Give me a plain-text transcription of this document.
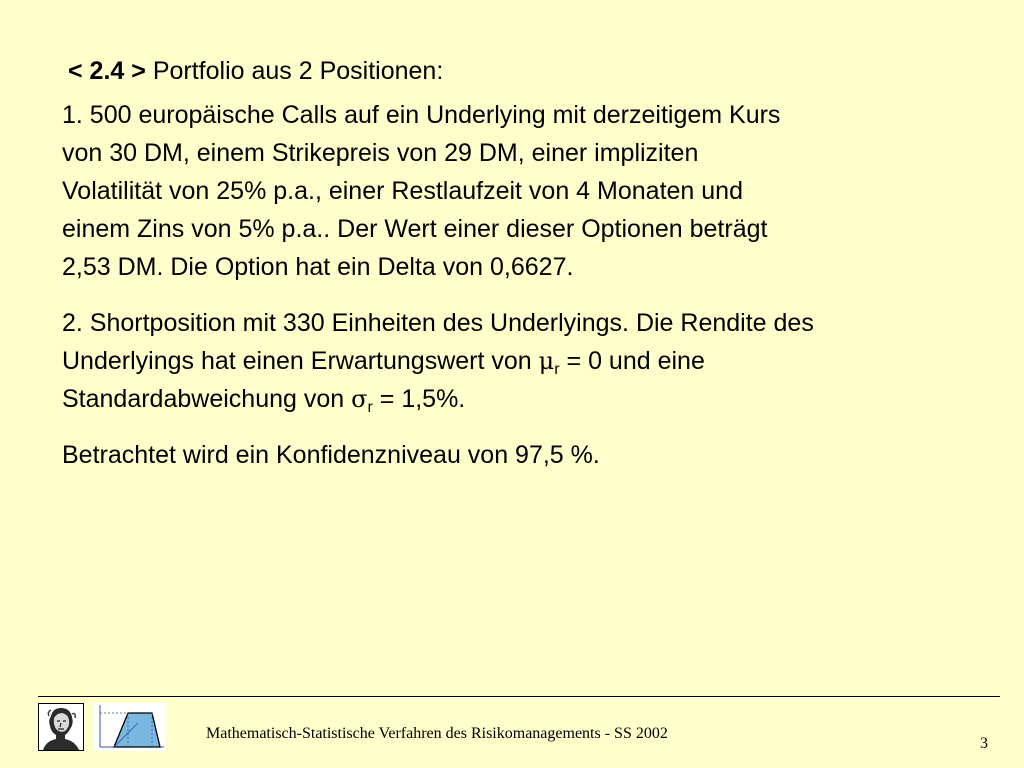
< 2.4 > Portfolio aus 2 Positionen:
1. 500 europäische Calls auf ein Underlying mit derzeitigem Kurs
von 30 DM, einem Strikepreis von 29 DM, einer impliziten
Volatilität von 25% p.a., einer Restlaufzeit von 4 Monaten und
einem Zins von 5% p.a.. Der Wert einer dieser Optionen beträgt
2,53 DM. Die Option hat ein Delta von 0,6627.
2. Shortposition mit 330 Einheiten des Underlyings. Die Rendite des
Underlyings hat einen Erwartungswert von $\mu_r = 0$ und eine
Standardabweichung von $\sigma_r = 1,5\%$.
Betrachtet wird ein Konfidenzniveau von 97,5 %.
Mathematisch-Statistische Verfahren des Risikomanagements - SS 2002
3
